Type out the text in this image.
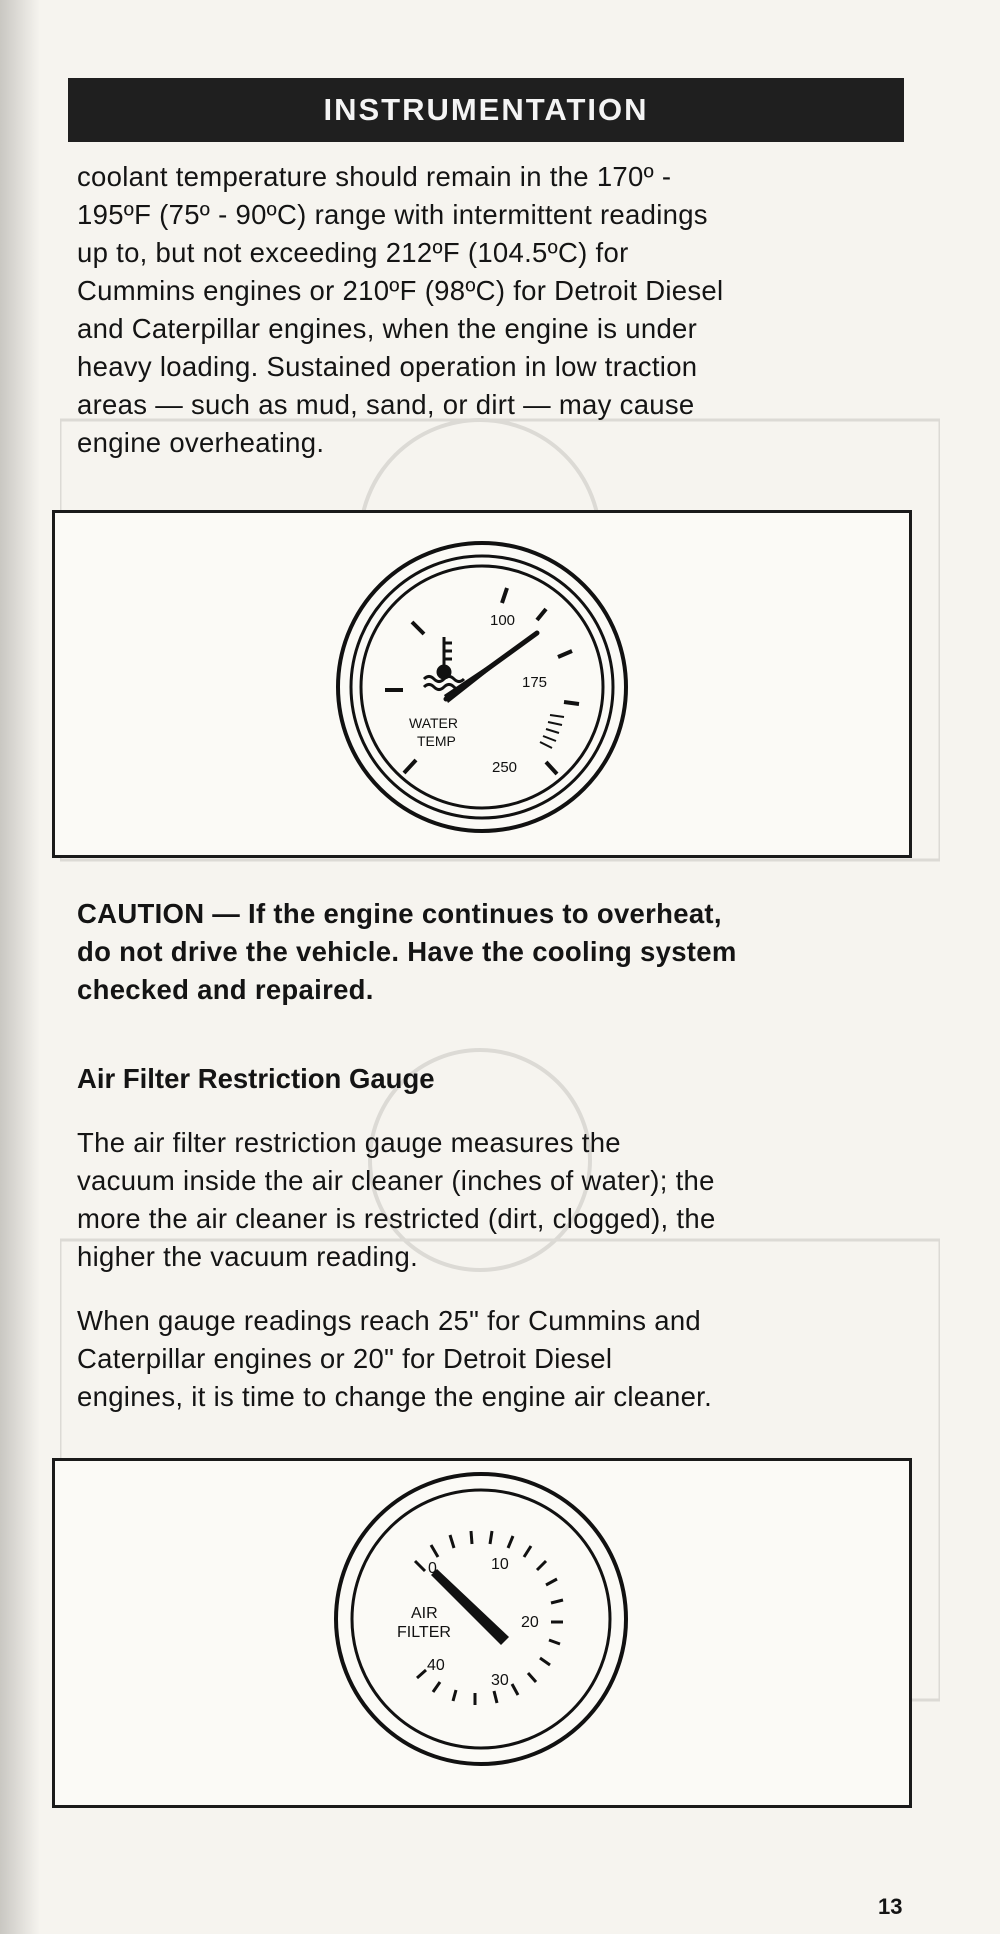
INSTRUMENTATION
coolant temperature should remain in the 170º -
195ºF (75º - 90ºC) range with intermittent readings
up to, but not exceeding 212ºF (104.5ºC) for
Cummins engines or 210ºF (98ºC) for Detroit Diesel
and Caterpillar engines, when the engine is under
heavy loading. Sustained operation in low traction
areas — such as mud, sand, or dirt — may cause
engine overheating.
100
175
250
WATER
TEMP
CAUTION — If the engine continues to overheat,
do not drive the vehicle. Have the cooling system
checked and repaired.
Air Filter Restriction Gauge
The air filter restriction gauge measures the
vacuum inside the air cleaner (inches of water); the
more the air cleaner is restricted (dirt, clogged), the
higher the vacuum reading.
When gauge readings reach 25" for Cummins and
Caterpillar engines or 20" for Detroit Diesel
engines, it is time to change the engine air cleaner.
0	10
20
30
40
AIR
FILTER
13
